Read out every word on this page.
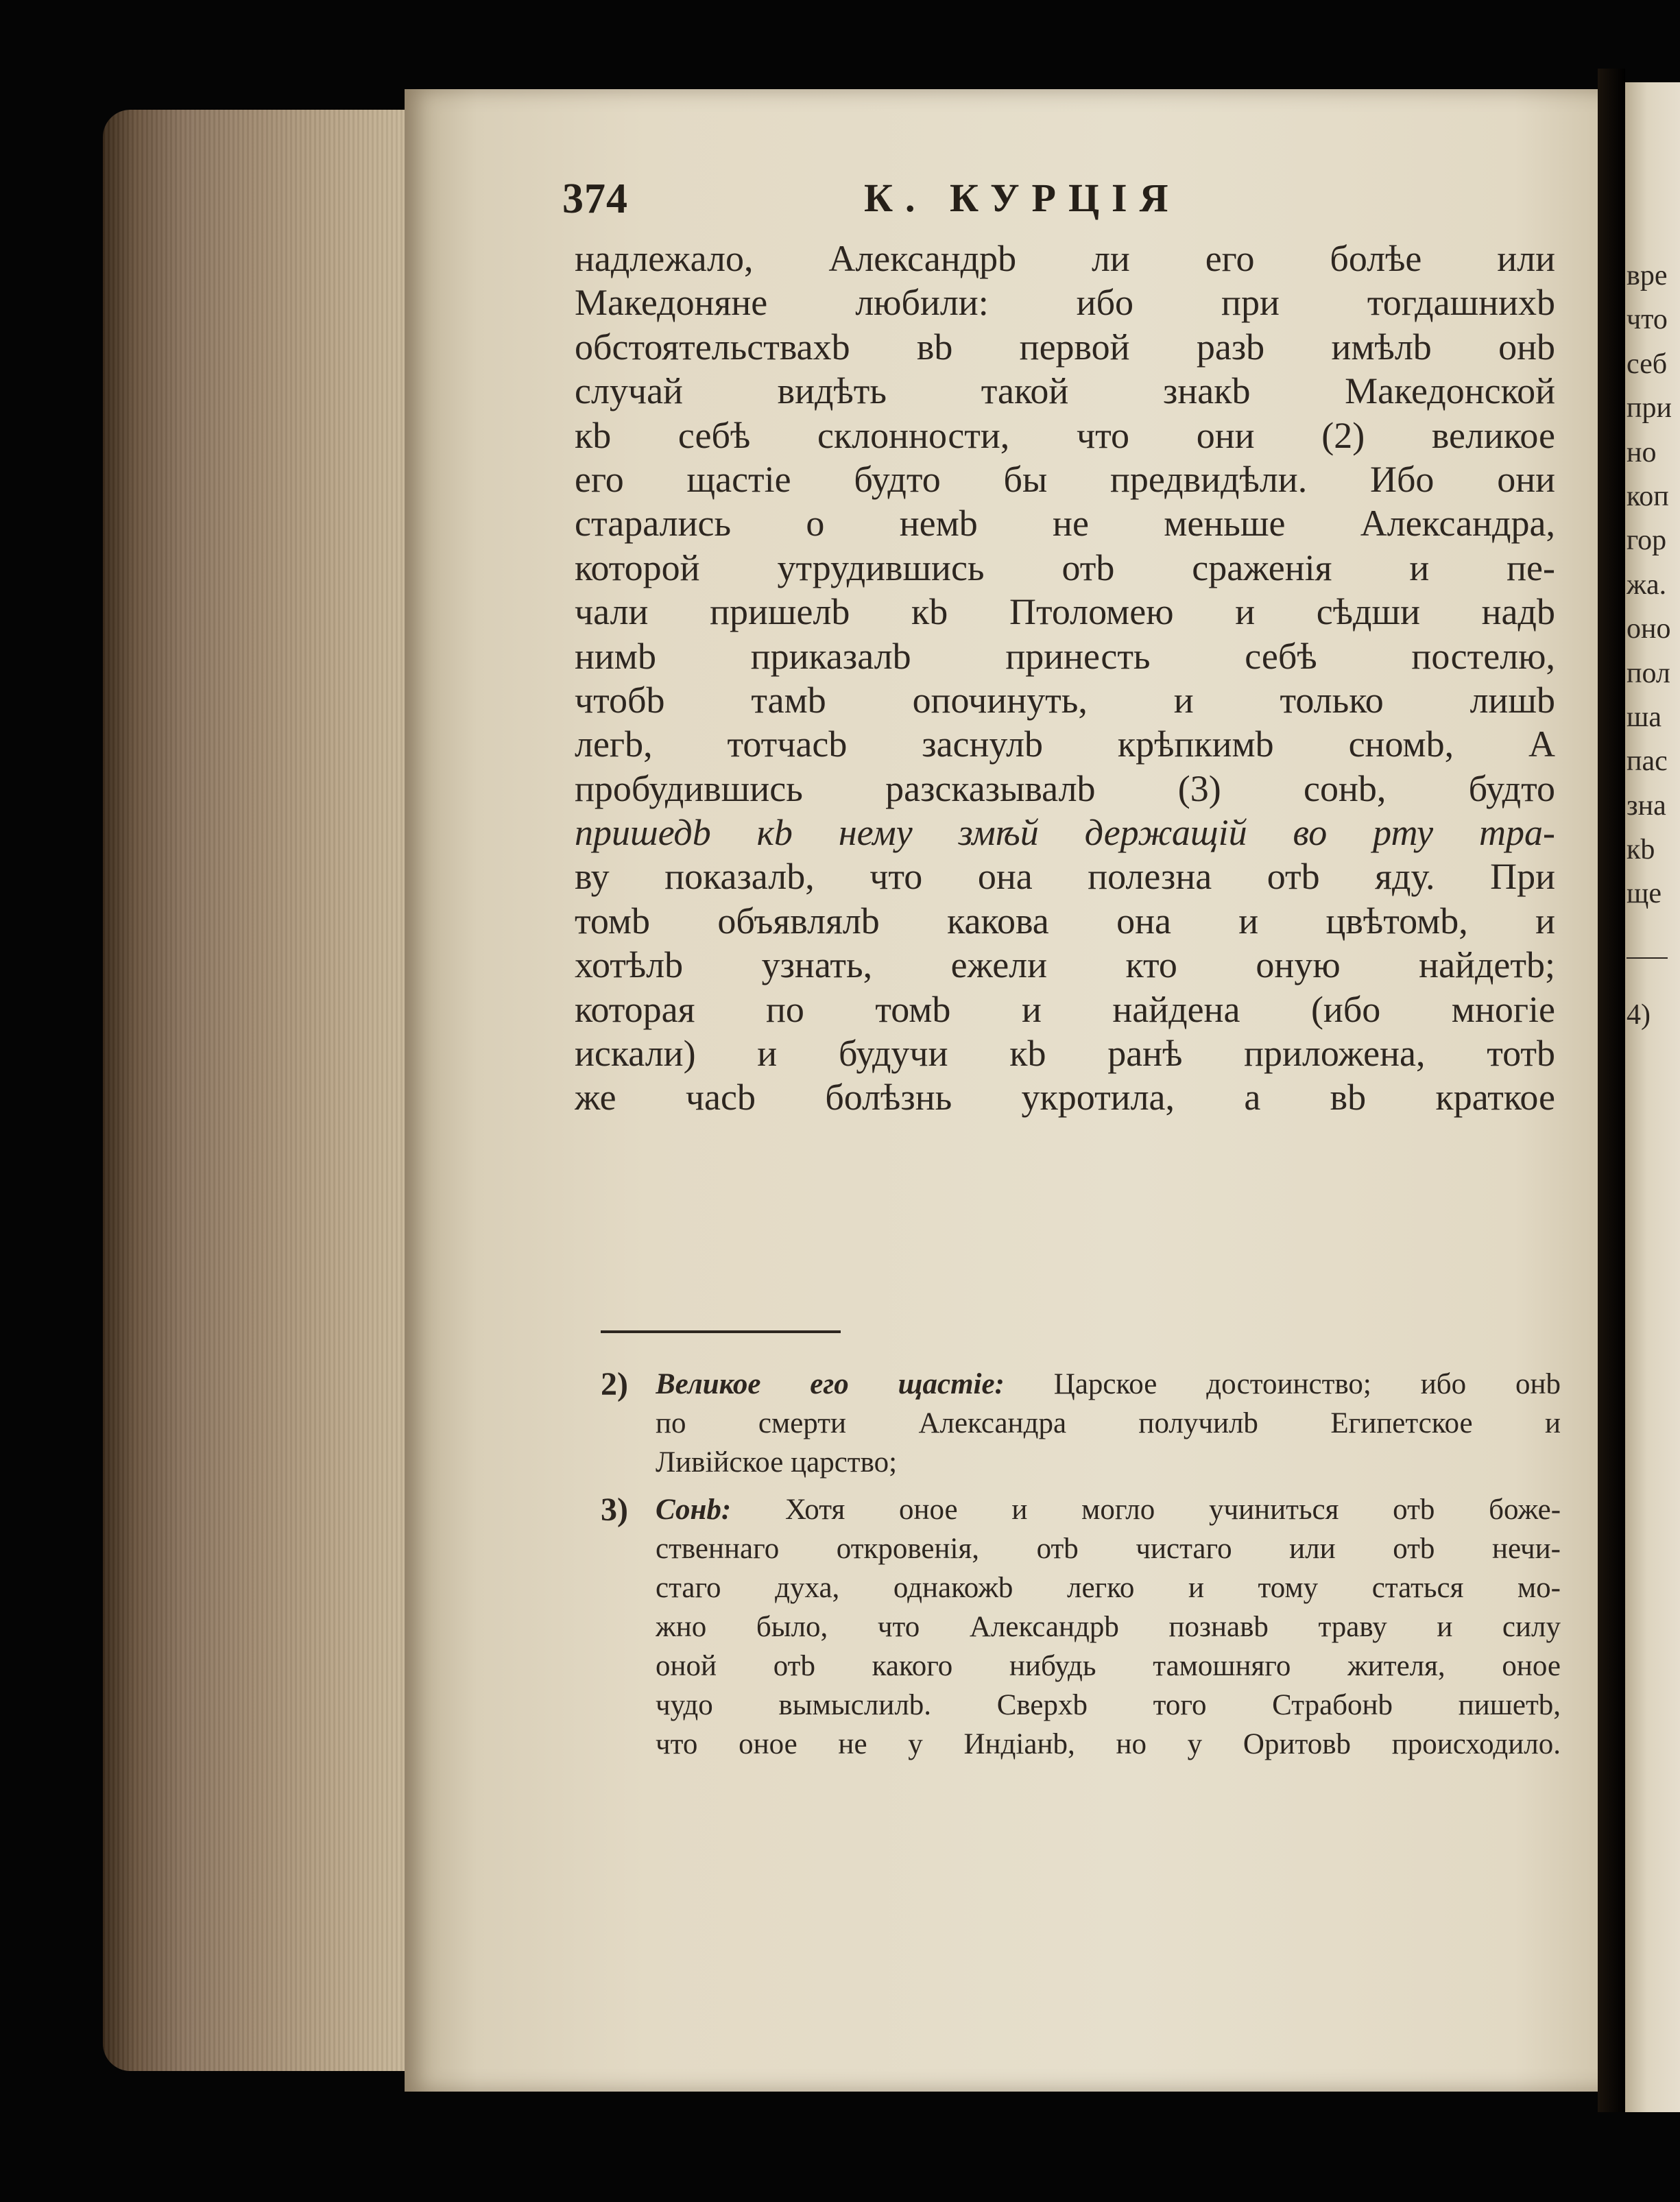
374	К. КУРЦІЯ
надлежало, Александрb ли его болѣе или
Македоняне любили: ибо при тогдашнихb
обстоятельствахb вb первой разb имѣлb онb
случай видѣть такой знакb Македонской
кb себѣ склонности, что они (2) великое
его щастіе будто бы предвидѣли. Ибо они
старались о немb не меньше Александра,
которой утрудившись отb сраженія и пе-
чали пришелb кb Птоломею и сѣдши надb
нимb приказалb принесть себѣ постелю,
чтобb тамb опочинуть, и только лишb
легb, тотчасb заснулb крѣпкимb сномb, А
пробудившись разсказывалb (3) сонb, будто
пришедb кb нему змѣй держащій во рту тра-
ву показалb, что она полезна отb яду. При
томb объявлялb какова она и цвѣтомb, и
хотѣлb узнать, ежели кто оную найдетb;
которая по томb и найдена (ибо многіе
искали) и будучи кb ранѣ приложена, тотb
же часb болѣзнь укротила, а вb краткое
2) Великое его щастіе: Царское достоинство; ибо онb
по смерти Александра получилb Египетское и
Ливійское царство;
3) Сонb: Хотя оное и могло учиниться отb боже-
ственнаго откровенія, отb чистаго или отb нечи-
стаго духа, однакожb легко и тому статься мо-
жно было, что Александрb познавb траву и силу
оной отb какого нибудь тамошняго жителя, оное
чудо вымыслилb. Сверхb того Страбонb пишетb,
что оное не у Индіанb, но у Оритовb происходило.
вре
что
себ
при
но
коп
гор
жа.
оно
пол
ша
пас
зна
кb
ще
4)
